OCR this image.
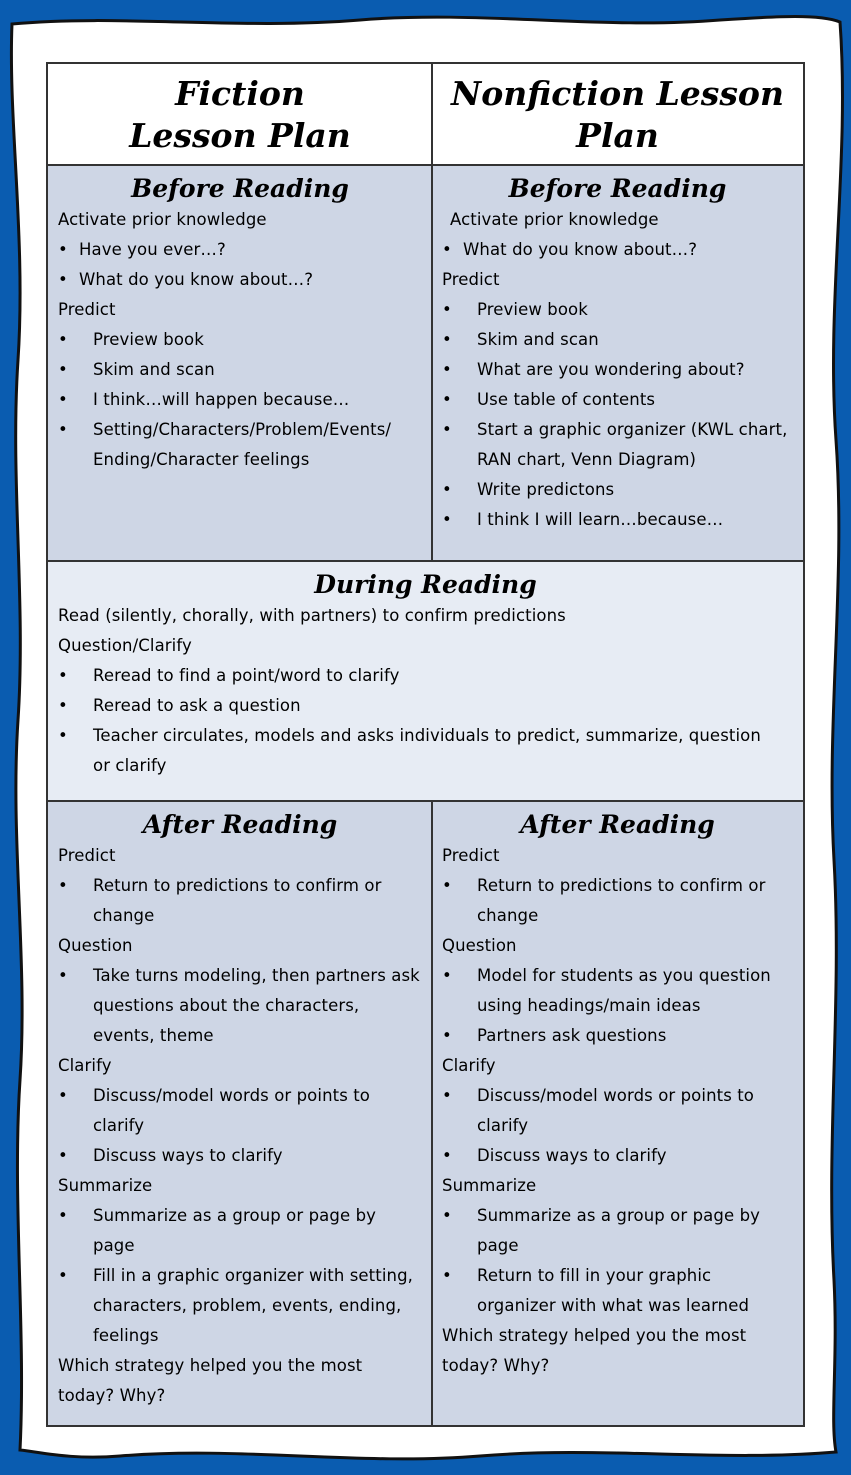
Fiction
Lesson Plan
Nonfiction Lesson
Plan
Before Reading
Activate prior knowledge
• Have you ever…?
• What do you know about…?
Predict
• Preview book
• Skim and scan
• I think…will happen because…
• Setting/Characters/Problem/Events/ Ending/Character feelings
Before Reading
Activate prior knowledge
• What do you know about…?
Predict
• Preview book
• Skim and scan
• What are you wondering about?
• Use table of contents
• Start a graphic organizer (KWL chart, RAN chart, Venn Diagram)
• Write predictons
• I think I will learn…because…
During Reading
Read (silently, chorally, with partners) to confirm predictions
Question/Clarify
• Reread to find a point/word to clarify
• Reread to ask a question
• Teacher circulates, models and asks individuals to predict, summarize, question or clarify
After Reading
Predict
• Return to predictions to confirm or change
Question
• Take turns modeling, then partners ask questions about the characters, events, theme
Clarify
• Discuss/model words or points to clarify
• Discuss ways to clarify
Summarize
• Summarize as a group or page by page
• Fill in a graphic organizer with setting, characters, problem, events, ending, feelings
Which strategy helped you the most today? Why?
After Reading
Predict
• Return to predictions to confirm or change
Question
• Model for students as you question using headings/main ideas
• Partners ask questions
Clarify
• Discuss/model words or points to clarify
• Discuss ways to clarify
Summarize
• Summarize as a group or page by page
• Return to fill in your graphic organizer with what was learned
Which strategy helped you the most today? Why?
